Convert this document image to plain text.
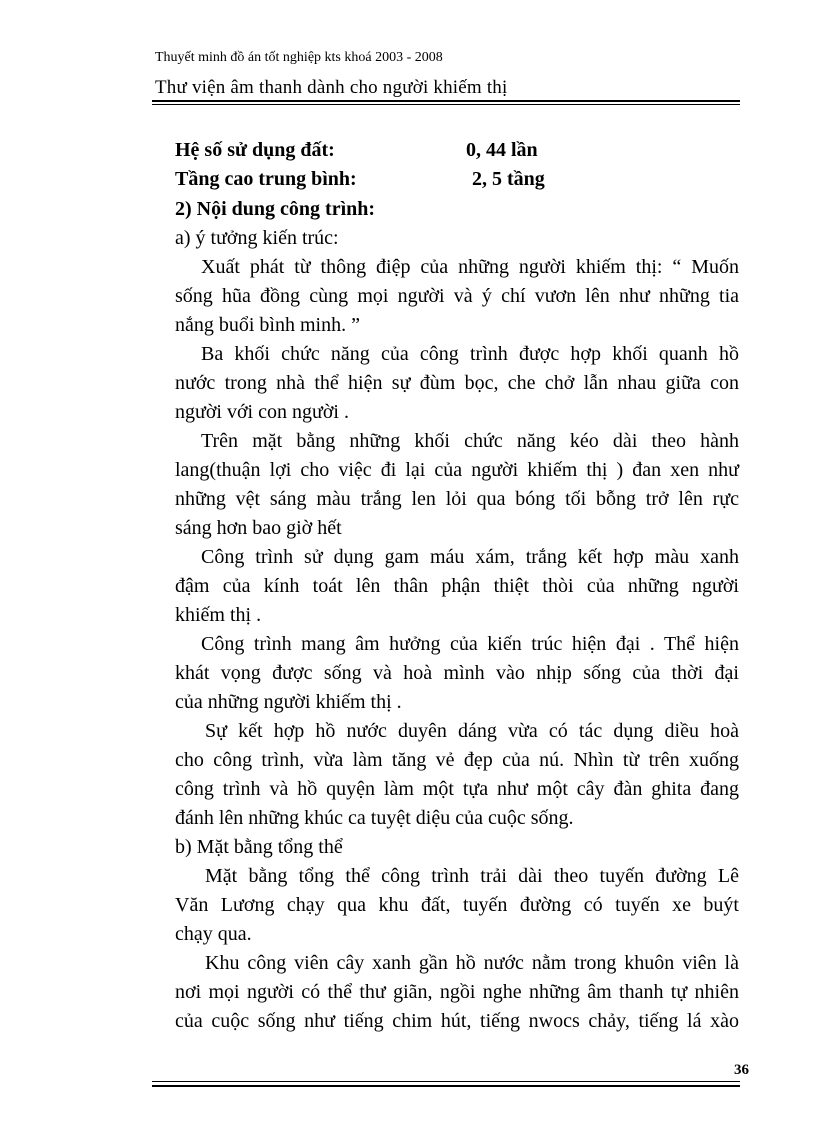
Thuyết minh đồ án tốt nghiệp kts khoá 2003 - 2008
Thư viện âm thanh dành cho người khiếm thị
Hệ số sử dụng đất:	0, 44 lần
Tầng cao trung bình:	2, 5 tầng
2) Nội dung công trình:
a) ý tưởng kiến trúc:
Xuất phát từ thông điệp của những người khiếm thị: “ Muốn
sống hũa đồng cùng mọi người và ý chí vươn lên như những tia
nắng buổi bình minh. ”
Ba khối chức năng của công trình được hợp khối quanh hồ
nước trong nhà thể hiện sự đùm bọc, che chở lẫn nhau giữa con
người với con người .
Trên mặt bằng những khối chức năng kéo dài theo hành
lang(thuận lợi cho việc đi lại của người khiếm thị ) đan xen như
những vệt sáng màu trắng len lỏi qua bóng tối bỗng trở lên rực
sáng hơn bao giờ hết
Công trình sử dụng gam máu xám, trắng kết hợp màu xanh
đậm của kính toát lên thân phận thiệt thòi của những người
khiếm thị .
Công trình mang âm hưởng của kiến trúc hiện đại . Thể hiện
khát vọng được sống và hoà mình vào nhịp sống của thời đại
của những người khiếm thị .
Sự kết hợp hồ nước duyên dáng vừa có tác dụng diều hoà
cho công trình, vừa làm tăng vẻ đẹp của nú. Nhìn từ trên xuống
công trình và hồ quyện làm một tựa như một cây đàn ghita đang
đánh lên những khúc ca tuyệt diệu của cuộc sống.
b) Mặt bằng tổng thể
Mặt bằng tổng thể công trình trải dài theo tuyến đường Lê
Văn Lương chạy qua khu đất, tuyến đường có tuyến xe buýt
chạy qua.
Khu công viên cây xanh gần hồ nước nằm trong khuôn viên là
nơi mọi người có thể thư giãn, ngồi nghe những âm thanh tự nhiên
của cuộc sống như tiếng chim hút, tiếng nwocs chảy, tiếng lá xào
36
